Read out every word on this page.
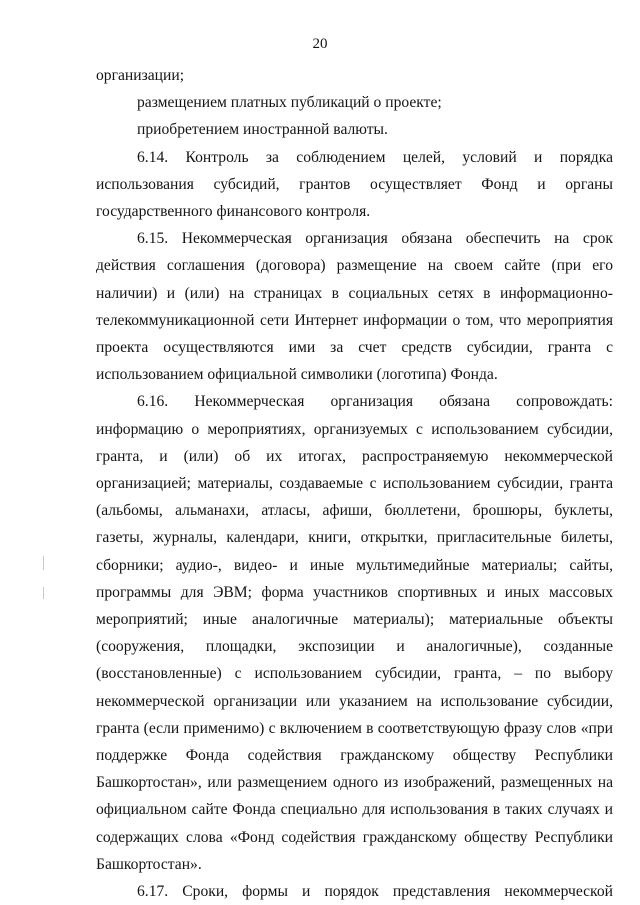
20

организации;

размещением платных публикаций о проекте;

приобретением иностранной валюты.

6.14. Контроль за соблюдением целей, условий и порядка использования субсидий, грантов осуществляет Фонд и органы государственного финансового контроля.

6.15. Некоммерческая организация обязана обеспечить на срок действия соглашения (договора) размещение на своем сайте (при его наличии) и (или) на страницах в социальных сетях в информационно-телекоммуникационной сети Интернет информации о том, что мероприятия проекта осуществляются ими за счет средств субсидии, гранта с использованием официальной символики (логотипа) Фонда.

6.16. Некоммерческая организация обязана сопровождать: информацию о мероприятиях, организуемых с использованием субсидии, гранта, и (или) об их итогах, распространяемую некоммерческой организацией; материалы, создаваемые с использованием субсидии, гранта (альбомы, альманахи, атласы, афиши, бюллетени, брошюры, буклеты, газеты, журналы, календари, книги, открытки, пригласительные билеты, сборники; аудио-, видео- и иные мультимедийные материалы; сайты, программы для ЭВМ; форма участников спортивных и иных массовых мероприятий; иные аналогичные материалы); материальные объекты (сооружения, площадки, экспозиции и аналогичные), созданные (восстановленные) с использованием субсидии, гранта, – по выбору некоммерческой организации или указанием на использование субсидии, гранта (если применимо) с включением в соответствующую фразу слов «при поддержке Фонда содействия гражданскому обществу Республики Башкортостан», или размещением одного из изображений, размещенных на официальном сайте Фонда специально для использования в таких случаях и содержащих слова «Фонд содействия гражданскому обществу Республики Башкортостан».

6.17. Сроки, формы и порядок представления некоммерческой
